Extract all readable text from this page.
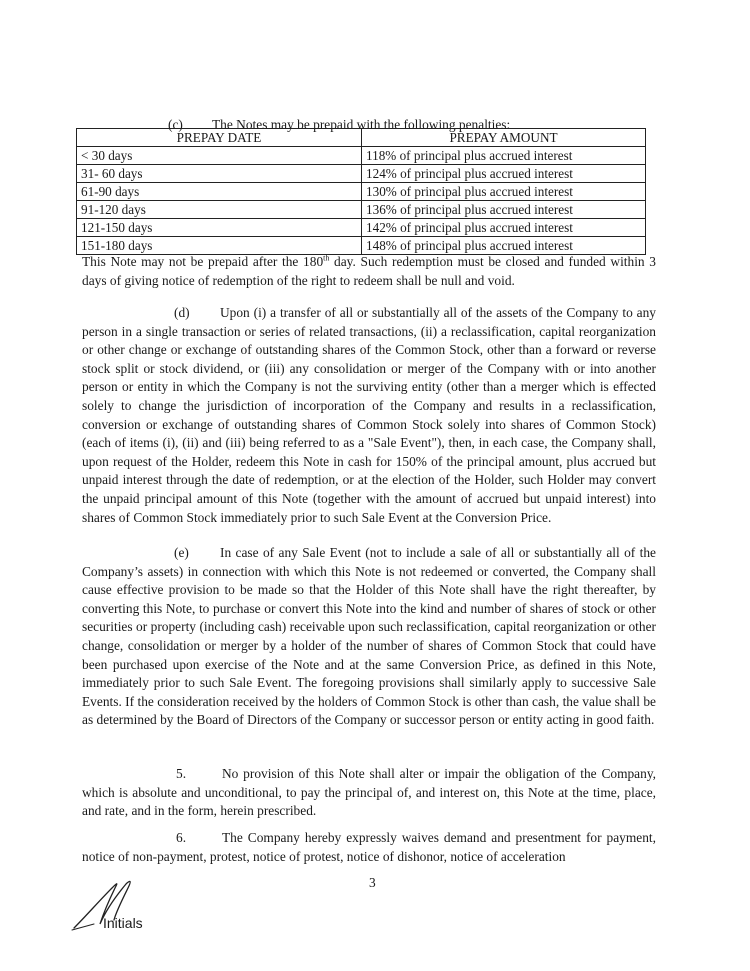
(c) The Notes may be prepaid with the following penalties:

PREPAY DATE	PREPAY AMOUNT
< 30 days	118% of principal plus accrued interest
31- 60 days	124% of principal plus accrued interest
61-90 days	130% of principal plus accrued interest
91-120 days	136% of principal plus accrued interest
121-150 days	142% of principal plus accrued interest
151-180 days	148% of principal plus accrued interest

This Note may not be prepaid after the 180th day. Such redemption must be closed and funded within 3 days of giving notice of redemption of the right to redeem shall be null and void.

(d) Upon (i) a transfer of all or substantially all of the assets of the Company to any person in a single transaction or series of related transactions, (ii) a reclassification, capital reorganization or other change or exchange of outstanding shares of the Common Stock, other than a forward or reverse stock split or stock dividend, or (iii) any consolidation or merger of the Company with or into another person or entity in which the Company is not the surviving entity (other than a merger which is effected solely to change the jurisdiction of incorporation of the Company and results in a reclassification, conversion or exchange of outstanding shares of Common Stock solely into shares of Common Stock) (each of items (i), (ii) and (iii) being referred to as a "Sale Event"), then, in each case, the Company shall, upon request of the Holder, redeem this Note in cash for 150% of the principal amount, plus accrued but unpaid interest through the date of redemption, or at the election of the Holder, such Holder may convert the unpaid principal amount of this Note (together with the amount of accrued but unpaid interest) into shares of Common Stock immediately prior to such Sale Event at the Conversion Price.

(e) In case of any Sale Event (not to include a sale of all or substantially all of the Company’s assets) in connection with which this Note is not redeemed or converted, the Company shall cause effective provision to be made so that the Holder of this Note shall have the right thereafter, by converting this Note, to purchase or convert this Note into the kind and number of shares of stock or other securities or property (including cash) receivable upon such reclassification, capital reorganization or other change, consolidation or merger by a holder of the number of shares of Common Stock that could have been purchased upon exercise of the Note and at the same Conversion Price, as defined in this Note, immediately prior to such Sale Event. The foregoing provisions shall similarly apply to successive Sale Events. If the consideration received by the holders of Common Stock is other than cash, the value shall be as determined by the Board of Directors of the Company or successor person or entity acting in good faith.

5.	No provision of this Note shall alter or impair the obligation of the Company, which is absolute and unconditional, to pay the principal of, and interest on, this Note at the time, place, and rate, and in the form, herein prescribed.

6.	The Company hereby expressly waives demand and presentment for payment, notice of non-payment, protest, notice of protest, notice of dishonor, notice of acceleration

3
Initials
